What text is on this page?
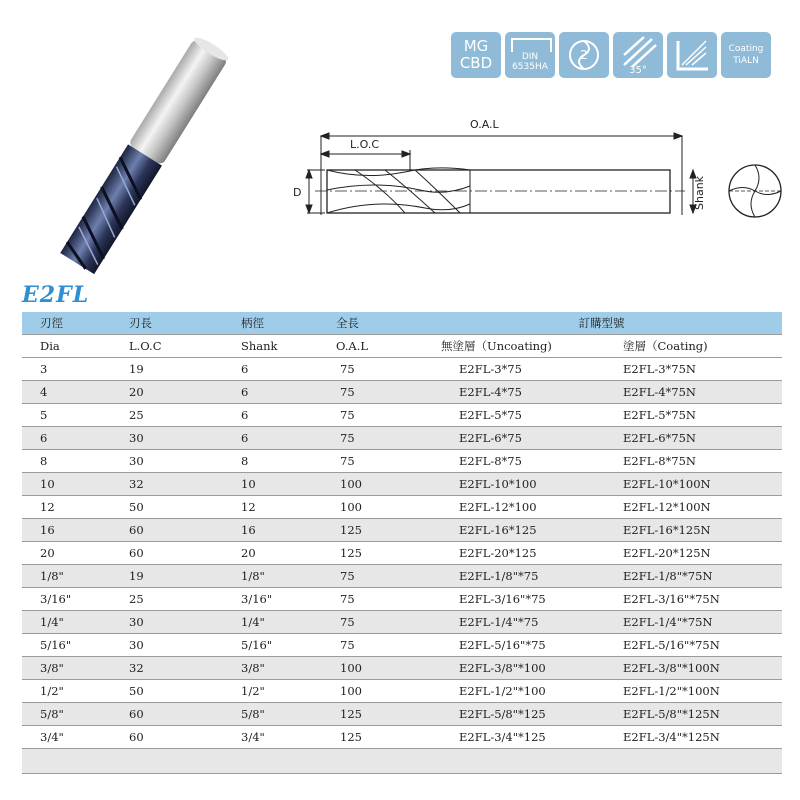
E2FL
MG
CBD	DIN
6535HA
2
35°
Coating
TiALN
O.A.L
L.O.C
D	Shank
刃徑	刃長	柄徑	全長	訂購型號	
Dia	L.O.C	Shank	O.A.L	無塗層（Uncoating)	塗層（Coating)
3	19	6	75	E2FL-3*75	E2FL-3*75N
4	20	6	75	E2FL-4*75	E2FL-4*75N
5	25	6	75	E2FL-5*75	E2FL-5*75N
6	30	6	75	E2FL-6*75	E2FL-6*75N
8	30	8	75	E2FL-8*75	E2FL-8*75N
10	32	10	100	E2FL-10*100	E2FL-10*100N
12	50	12	100	E2FL-12*100	E2FL-12*100N
16	60	16	125	E2FL-16*125	E2FL-16*125N
20	60	20	125	E2FL-20*125	E2FL-20*125N
1/8"	19	1/8"	75	E2FL-1/8"*75	E2FL-1/8"*75N
3/16"	25	3/16"	75	E2FL-3/16"*75	E2FL-3/16"*75N
1/4"	30	1/4"	75	E2FL-1/4"*75	E2FL-1/4"*75N
5/16"	30	5/16"	75	E2FL-5/16"*75	E2FL-5/16"*75N
3/8"	32	3/8"	100	E2FL-3/8"*100	E2FL-3/8"*100N
1/2"	50	1/2"	100	E2FL-1/2"*100	E2FL-1/2"*100N
5/8"	60	5/8"	125	E2FL-5/8"*125	E2FL-5/8"*125N
3/4"	60	3/4"	125	E2FL-3/4"*125	E2FL-3/4"*125N
